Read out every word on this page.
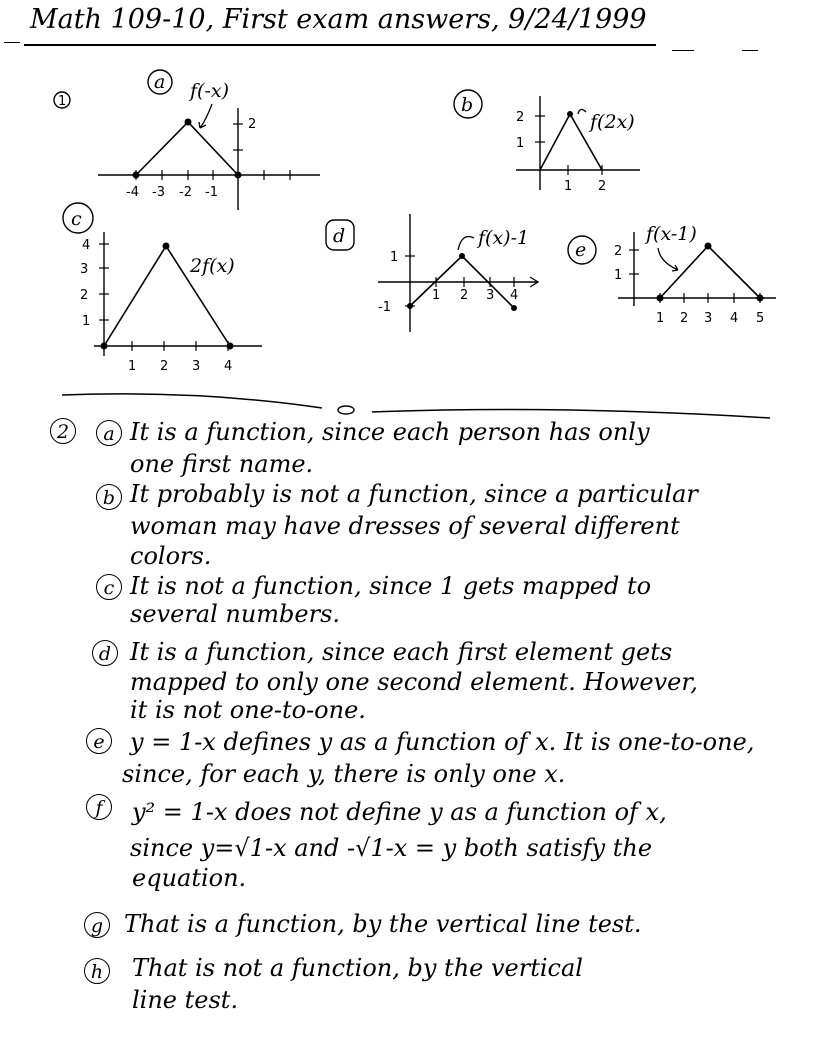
Math 109-10, First exam answers, 9/24/1999
1
a f(-x)
-4 -3 -2 -1
2
b
f(2x)
1 2
2
1
c
2f(x)
1 2 3 4
4
3
2
1
d	f(x)-1
1 2 3 4
1
-1
e
f(x-1)
1 2 3 4 5
2
1
2	a It is a function, since each person has only
one first name.
b It probably is not a function, since a particular
woman may have dresses of several different
colors.
c It is not a function, since 1 gets mapped to
several numbers.
d It is a function, since each first element gets
mapped to only one second element. However,
it is not one-to-one.
e	y = 1-x defines y as a function of x. It is one-to-one,
since, for each y, there is only one x.
f	y² = 1-x does not define y as a function of x,
since y=√1-x and -√1-x = y both satisfy the
equation.
g That is a function, by the vertical line test.
h That is not a function, by the vertical
line test.
